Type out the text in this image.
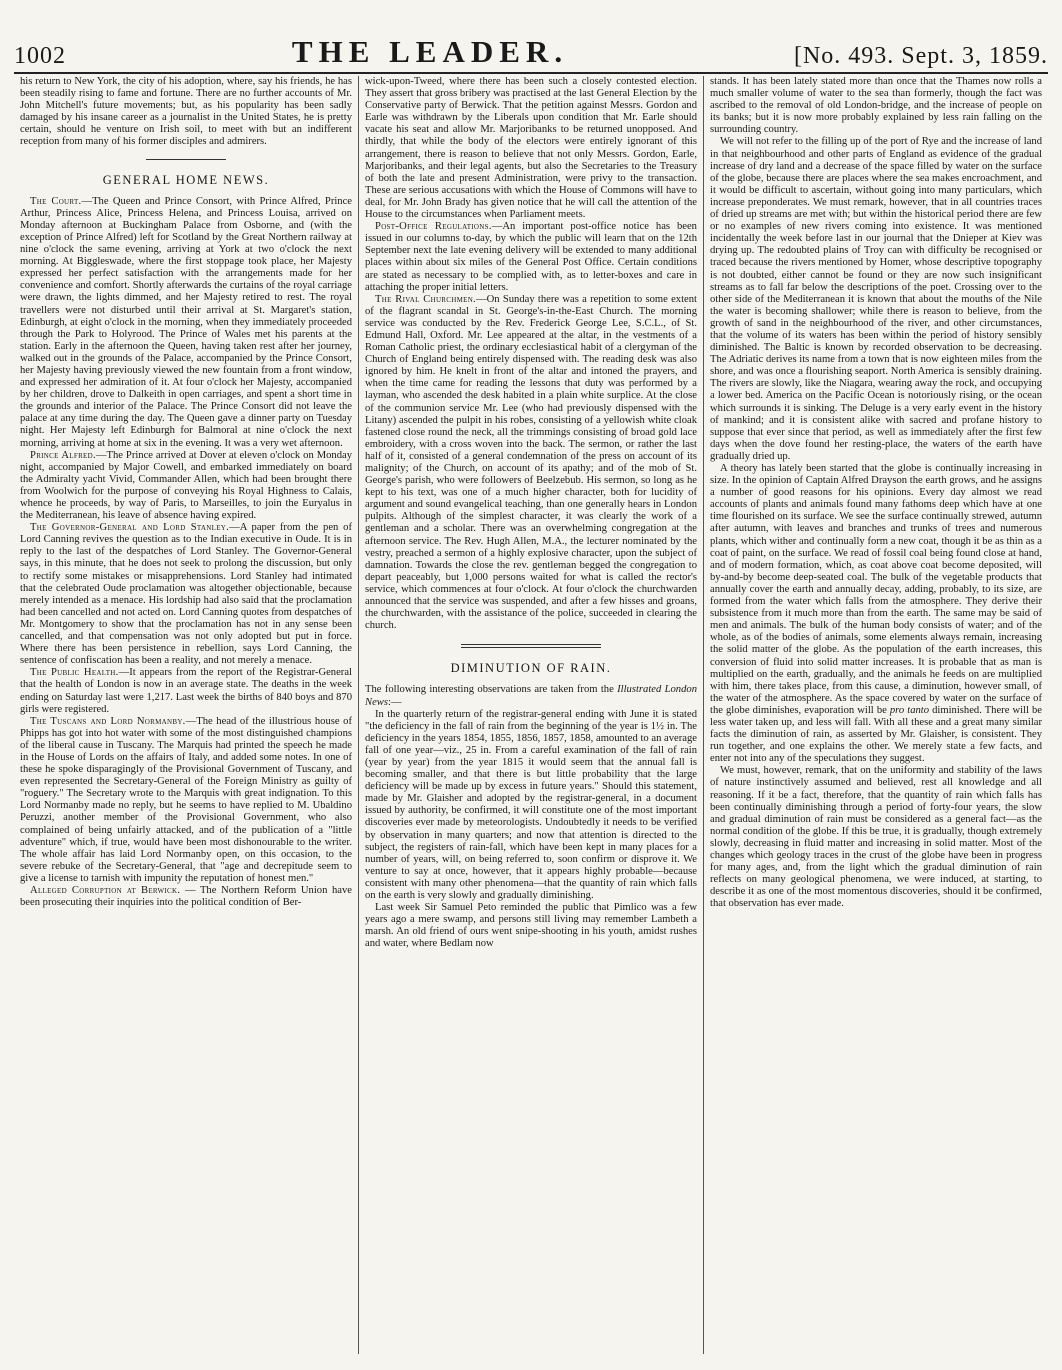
1002	THE LEADER.	[No. 493. Sept. 3, 1859.

his return to New York, the city of his adoption, where, say his friends, he has been steadily rising to fame and fortune. There are no further accounts of Mr. John Mitchell's future movements; but, as his popularity has been sadly damaged by his insane career as a journalist in the United States, he is pretty certain, should he venture on Irish soil, to meet with but an indifferent reception from many of his former disciples and admirers.

GENERAL HOME NEWS.

The Court.—The Queen and Prince Consort, with Prince Alfred, Prince Arthur, Princess Alice, Princess Helena, and Princess Louisa, arrived on Monday afternoon at Buckingham Palace from Osborne, and (with the exception of Prince Alfred) left for Scotland by the Great Northern railway at nine o'clock the same evening, arriving at York at two o'clock the next morning. At Biggleswade, where the first stoppage took place, her Majesty expressed her perfect satisfaction with the arrangements made for her convenience and comfort. Shortly afterwards the curtains of the royal carriage were drawn, the lights dimmed, and her Majesty retired to rest. The royal travellers were not disturbed until their arrival at St. Margaret's station, Edinburgh, at eight o'clock in the morning, when they immediately proceeded through the Park to Holyrood. The Prince of Wales met his parents at the station. Early in the afternoon the Queen, having taken rest after her journey, walked out in the grounds of the Palace, accompanied by the Prince Consort, her Majesty having previously viewed the new fountain from a front window, and expressed her admiration of it. At four o'clock her Majesty, accompanied by her children, drove to Dalkeith in open carriages, and spent a short time in the grounds and interior of the Palace. The Prince Consort did not leave the palace at any time during the day. The Queen gave a dinner party on Tuesday night. Her Majesty left Edinburgh for Balmoral at nine o'clock the next morning, arriving at home at six in the evening. It was a very wet afternoon.

Prince Alfred.—The Prince arrived at Dover at eleven o'clock on Monday night, accompanied by Major Cowell, and embarked immediately on board the Admiralty yacht Vivid, Commander Allen, which had been brought there from Woolwich for the purpose of conveying his Royal Highness to Calais, whence he proceeds, by way of Paris, to Marseilles, to join the Euryalus in the Mediterranean, his leave of absence having expired.

The Governor-General and Lord Stanley.—A paper from the pen of Lord Canning revives the question as to the Indian executive in Oude. It is in reply to the last of the despatches of Lord Stanley. The Governor-General says, in this minute, that he does not seek to prolong the discussion, but only to rectify some mistakes or misapprehensions. Lord Stanley had intimated that the celebrated Oude proclamation was altogether objectionable, because merely intended as a menace. His lordship had also said that the proclamation had been cancelled and not acted on. Lord Canning quotes from despatches of Mr. Montgomery to show that the proclamation has not in any sense been cancelled, and that compensation was not only adopted but put in force. Where there has been persistence in rebellion, says Lord Canning, the sentence of confiscation has been a reality, and not merely a menace.

The Public Health.—It appears from the report of the Registrar-General that the health of London is now in an average state. The deaths in the week ending on Saturday last were 1,217. Last week the births of 840 boys and 870 girls were registered.

The Tuscans and Lord Normanby.—The head of the illustrious house of Phipps has got into hot water with some of the most distinguished champions of the liberal cause in Tuscany. The Marquis had printed the speech he made in the House of Lords on the affairs of Italy, and added some notes. In one of these he spoke disparagingly of the Provisional Government of Tuscany, and even represented the Secretary-General of the Foreign Ministry as guilty of "roguery." The Secretary wrote to the Marquis with great indignation. To this Lord Normanby made no reply, but he seems to have replied to M. Ubaldino Peruzzi, another member of the Provisional Government, who also complained of being unfairly attacked, and of the publication of a "little adventure" which, if true, would have been most dishonourable to the writer. The whole affair has laid Lord Normanby open, on this occasion, to the severe rebuke of the Secretary-General, that "age and decrepitude seem to give a license to tarnish with impunity the reputation of honest men."

Alleged Corruption at Berwick. — The Northern Reform Union have been prosecuting their inquiries into the political condition of Ber-

wick-upon-Tweed, where there has been such a closely contested election. They assert that gross bribery was practised at the last General Election by the Conservative party of Berwick. That the petition against Messrs. Gordon and Earle was withdrawn by the Liberals upon condition that Mr. Earle should vacate his seat and allow Mr. Marjoribanks to be returned unopposed. And thirdly, that while the body of the electors were entirely ignorant of this arrangement, there is reason to believe that not only Messrs. Gordon, Earle, Marjoribanks, and their legal agents, but also the Secretaries to the Treasury of both the late and present Administration, were privy to the transaction. These are serious accusations with which the House of Commons will have to deal, for Mr. John Brady has given notice that he will call the attention of the House to the circumstances when Parliament meets.

Post-Office Regulations.—An important post-office notice has been issued in our columns to-day, by which the public will learn that on the 12th September next the late evening delivery will be extended to many additional places within about six miles of the General Post Office. Certain conditions are stated as necessary to be complied with, as to letter-boxes and care in attaching the proper initial letters.

The Rival Churchmen.—On Sunday there was a repetition to some extent of the flagrant scandal in St. George's-in-the-East Church. The morning service was conducted by the Rev. Frederick George Lee, S.C.L., of St. Edmund Hall, Oxford. Mr. Lee appeared at the altar, in the vestments of a Roman Catholic priest, the ordinary ecclesiastical habit of a clergyman of the Church of England being entirely dispensed with. The reading desk was also ignored by him. He knelt in front of the altar and intoned the prayers, and when the time came for reading the lessons that duty was performed by a layman, who ascended the desk habited in a plain white surplice. At the close of the communion service Mr. Lee (who had previously dispensed with the Litany) ascended the pulpit in his robes, consisting of a yellowish white cloak fastened close round the neck, all the trimmings consisting of broad gold lace embroidery, with a cross woven into the back. The sermon, or rather the last half of it, consisted of a general condemnation of the press on account of its malignity; of the Church, on account of its apathy; and of the mob of St. George's parish, who were followers of Beelzebub. His sermon, so long as he kept to his text, was one of a much higher character, both for lucidity of argument and sound evangelical teaching, than one generally hears in London pulpits. Although of the simplest character, it was clearly the work of a gentleman and a scholar. There was an overwhelming congregation at the afternoon service. The Rev. Hugh Allen, M.A., the lecturer nominated by the vestry, preached a sermon of a highly explosive character, upon the subject of damnation. Towards the close the rev. gentleman begged the congregation to depart peaceably, but 1,000 persons waited for what is called the rector's service, which commences at four o'clock. At four o'clock the churchwarden announced that the service was suspended, and after a few hisses and groans, the churchwarden, with the assistance of the police, succeeded in clearing the church.

DIMINUTION OF RAIN.

The following interesting observations are taken from the Illustrated London News:—

In the quarterly return of the registrar-general ending with June it is stated "the deficiency in the fall of rain from the beginning of the year is 1½ in. The deficiency in the years 1854, 1855, 1856, 1857, 1858, amounted to an average fall of one year—viz., 25 in. From a careful examination of the fall of rain (year by year) from the year 1815 it would seem that the annual fall is becoming smaller, and that there is but little probability that the large deficiency will be made up by excess in future years." Should this statement, made by Mr. Glaisher and adopted by the registrar-general, in a document issued by authority, be confirmed, it will constitute one of the most important discoveries ever made by meteorologists. Undoubtedly it needs to be verified by observation in many quarters; and now that attention is directed to the subject, the registers of rain-fall, which have been kept in many places for a number of years, will, on being referred to, soon confirm or disprove it. We venture to say at once, however, that it appears highly probable—because consistent with many other phenomena—that the quantity of rain which falls on the earth is very slowly and gradually diminishing.

Last week Sir Samuel Peto reminded the public that Pimlico was a few years ago a mere swamp, and persons still living may remember Lambeth a marsh. An old friend of ours went snipe-shooting in his youth, amidst rushes and water, where Bedlam now

stands. It has been lately stated more than once that the Thames now rolls a much smaller volume of water to the sea than formerly, though the fact was ascribed to the removal of old London-bridge, and the increase of people on its banks; but it is now more probably explained by less rain falling on the surrounding country.

We will not refer to the filling up of the port of Rye and the increase of land in that neighbourhood and other parts of England as evidence of the gradual increase of dry land and a decrease of the space filled by water on the surface of the globe, because there are places where the sea makes encroachment, and it would be difficult to ascertain, without going into many particulars, which increase preponderates. We must remark, however, that in all countries traces of dried up streams are met with; but within the historical period there are few or no examples of new rivers coming into existence. It was mentioned incidentally the week before last in our journal that the Dnieper at Kiev was drying up. The redoubted plains of Troy can with difficulty be recognised or traced because the rivers mentioned by Homer, whose descriptive topography is not doubted, either cannot be found or they are now such insignificant streams as to fall far below the descriptions of the poet. Crossing over to the other side of the Mediterranean it is known that about the mouths of the Nile the water is becoming shallower; while there is reason to believe, from the growth of sand in the neighbourhood of the river, and other circumstances, that the volume of its waters has been within the period of history sensibly diminished. The Baltic is known by recorded observation to be decreasing. The Adriatic derives its name from a town that is now eighteen miles from the shore, and was once a flourishing seaport. North America is sensibly draining. The rivers are slowly, like the Niagara, wearing away the rock, and occupying a lower bed. America on the Pacific Ocean is notoriously rising, or the ocean which surrounds it is sinking. The Deluge is a very early event in the history of mankind; and it is consistent alike with sacred and profane history to suppose that ever since that period, as well as immediately after the first few days when the dove found her resting-place, the waters of the earth have gradually dried up.

A theory has lately been started that the globe is continually increasing in size. In the opinion of Captain Alfred Drayson the earth grows, and he assigns a number of good reasons for his opinions. Every day almost we read accounts of plants and animals found many fathoms deep which have at one time flourished on its surface. We see the surface continually strewed, autumn after autumn, with leaves and branches and trunks of trees and numerous plants, which wither and continually form a new coat, though it be as thin as a coat of paint, on the surface. We read of fossil coal being found close at hand, and of modern formation, which, as coat above coat become deposited, will by-and-by become deep-seated coal. The bulk of the vegetable products that annually cover the earth and annually decay, adding, probably, to its size, are formed from the water which falls from the atmosphere. They derive their subsistence from it much more than from the earth. The same may be said of men and animals. The bulk of the human body consists of water; and of the whole, as of the bodies of animals, some elements always remain, increasing the solid matter of the globe. As the population of the earth increases, this conversion of fluid into solid matter increases. It is probable that as man is multiplied on the earth, gradually, and the animals he feeds on are multiplied with him, there takes place, from this cause, a diminution, however small, of the water of the atmosphere. As the space covered by water on the surface of the globe diminishes, evaporation will be pro tanto diminished. There will be less water taken up, and less will fall. With all these and a great many similar facts the diminution of rain, as asserted by Mr. Glaisher, is consistent. They run together, and one explains the other. We merely state a few facts, and enter not into any of the speculations they suggest.

We must, however, remark, that on the uniformity and stability of the laws of nature instinctively assumed and believed, rest all knowledge and all reasoning. If it be a fact, therefore, that the quantity of rain which falls has been continually diminishing through a period of forty-four years, the slow and gradual diminution of rain must be considered as a general fact—as the normal condition of the globe. If this be true, it is gradually, though extremely slowly, decreasing in fluid matter and increasing in solid matter. Most of the changes which geology traces in the crust of the globe have been in progress for many ages, and, from the light which the gradual diminution of rain reflects on many geological phenomena, we were induced, at starting, to describe it as one of the most momentous discoveries, should it be confirmed, that observation has ever made.
